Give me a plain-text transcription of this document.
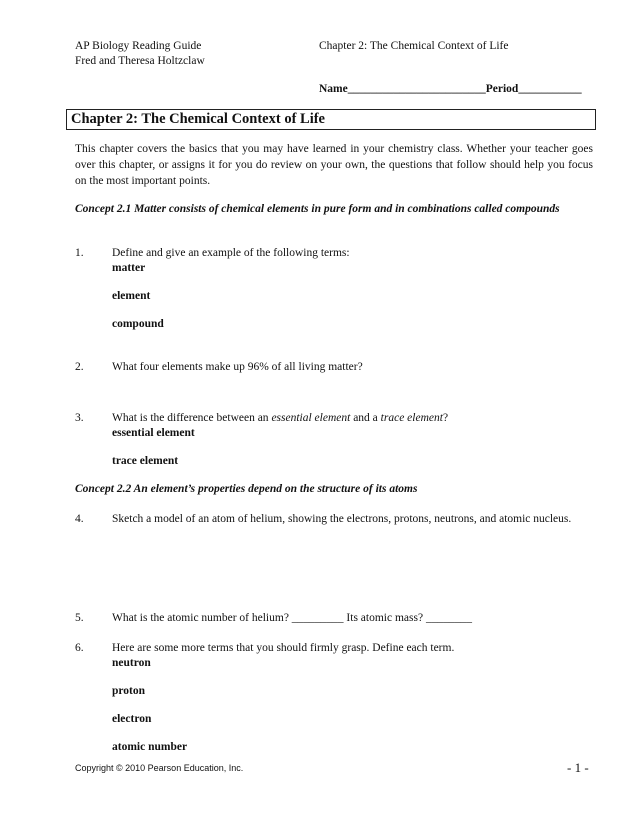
AP Biology Reading Guide
Fred and Theresa Holtzclaw
Chapter 2: The Chemical Context of Life
Name________________________Period___________
Chapter 2: The Chemical Context of Life
This chapter covers the basics that you may have learned in your chemistry class. Whether your teacher goes over this chapter, or assigns it for you do review on your own, the questions that follow should help you focus on the most important points.
Concept 2.1 Matter consists of chemical elements in pure form and in combinations called compounds
1. Define and give an example of the following terms:
matter
element
compound
2. What four elements make up 96% of all living matter?
3. What is the difference between an essential element and a trace element?
essential element
trace element
Concept 2.2 An element’s properties depend on the structure of its atoms
4. Sketch a model of an atom of helium, showing the electrons, protons, neutrons, and atomic nucleus.
5. What is the atomic number of helium? _________ Its atomic mass? ________
6. Here are some more terms that you should firmly grasp. Define each term.
neutron
proton
electron
atomic number
Copyright © 2010 Pearson Education, Inc.	- 1 -
